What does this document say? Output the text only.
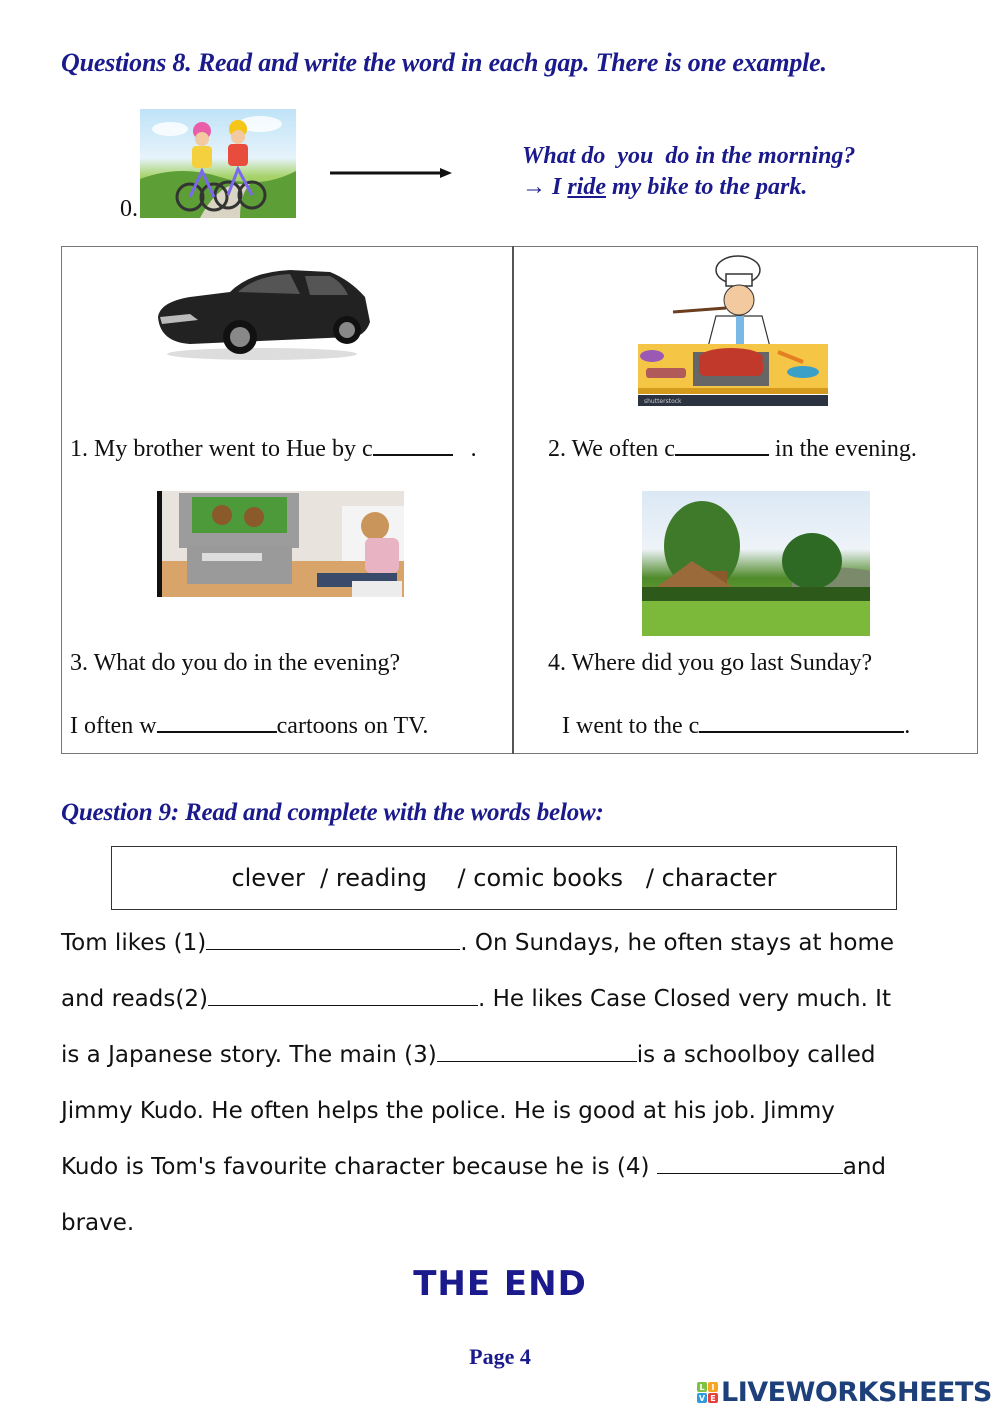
Questions 8. Read and write the word in each gap. There is one example.
0.
What do  you  do in the morning?
→ I ride my bike to the park.
1. My brother went to Hue by c	.
shutterstock
2. We often c	in the evening.
3. What do you do in the evening?
I often w	cartoons on TV.
4. Where did you go last Sunday?
I went to the c	.
Question 9: Read and complete with the words below:
clever  / reading    / comic books   / character
Tom likes (1)	. On Sundays, he often stays at home
and reads(2)	. He likes Case Closed very much. It
is a Japanese story. The main (3)	is a schoolboy called
Jimmy Kudo. He often helps the police. He is good at his job. Jimmy
Kudo is Tom's favourite character because he is (4)	and
brave.
THE END
Page 4
L I
V E LIVEWORKSHEETS
